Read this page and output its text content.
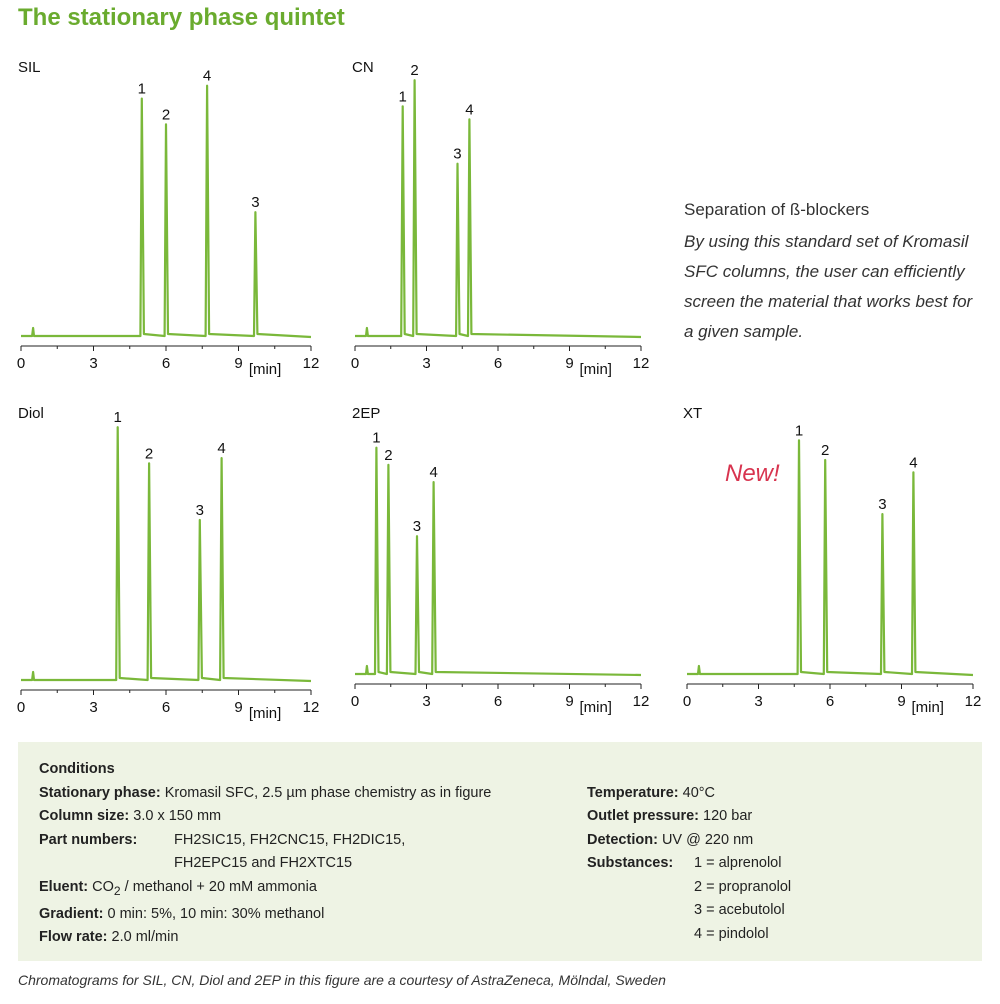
The stationary phase quintet
SIL
0	3	6	9	12
[min]
1
2
4
3
CN
0	3	6	9	12
[min]
1
2
3
4
Diol
0	3	6	9	12
[min]
1
2
3
4
2EP
0	3	6	9	12
[min]
1
2
3
4
XT
0	3	6	9	12
[min]
1
2
3
4
Separation of ß-blockers
By using this standard set of Kromasil SFC columns, the user can efficiently screen the material that works best for a given sample.
New!
Conditions
Stationary phase: Kromasil SFC, 2.5 µm phase chemistry as in figure
Column size: 3.0 x 150 mm
Part numbers:	FH2SIC15, FH2CNC15, FH2DIC15,
FH2EPC15 and FH2XTC15
Eluent: $CO_2$ / methanol + 20 mM ammonia
Gradient: 0 min: 5%, 10 min: 30% methanol
Flow rate: 2.0 ml/min
Temperature: 40°C
Outlet pressure: 120 bar
Detection: UV @ 220 nm
Substances: 1 = alprenolol
2 = propranolol
3 = acebutolol
4 = pindolol
Chromatograms for SIL, CN, Diol and 2EP in this figure are a courtesy of AstraZeneca, Mölndal, Sweden
